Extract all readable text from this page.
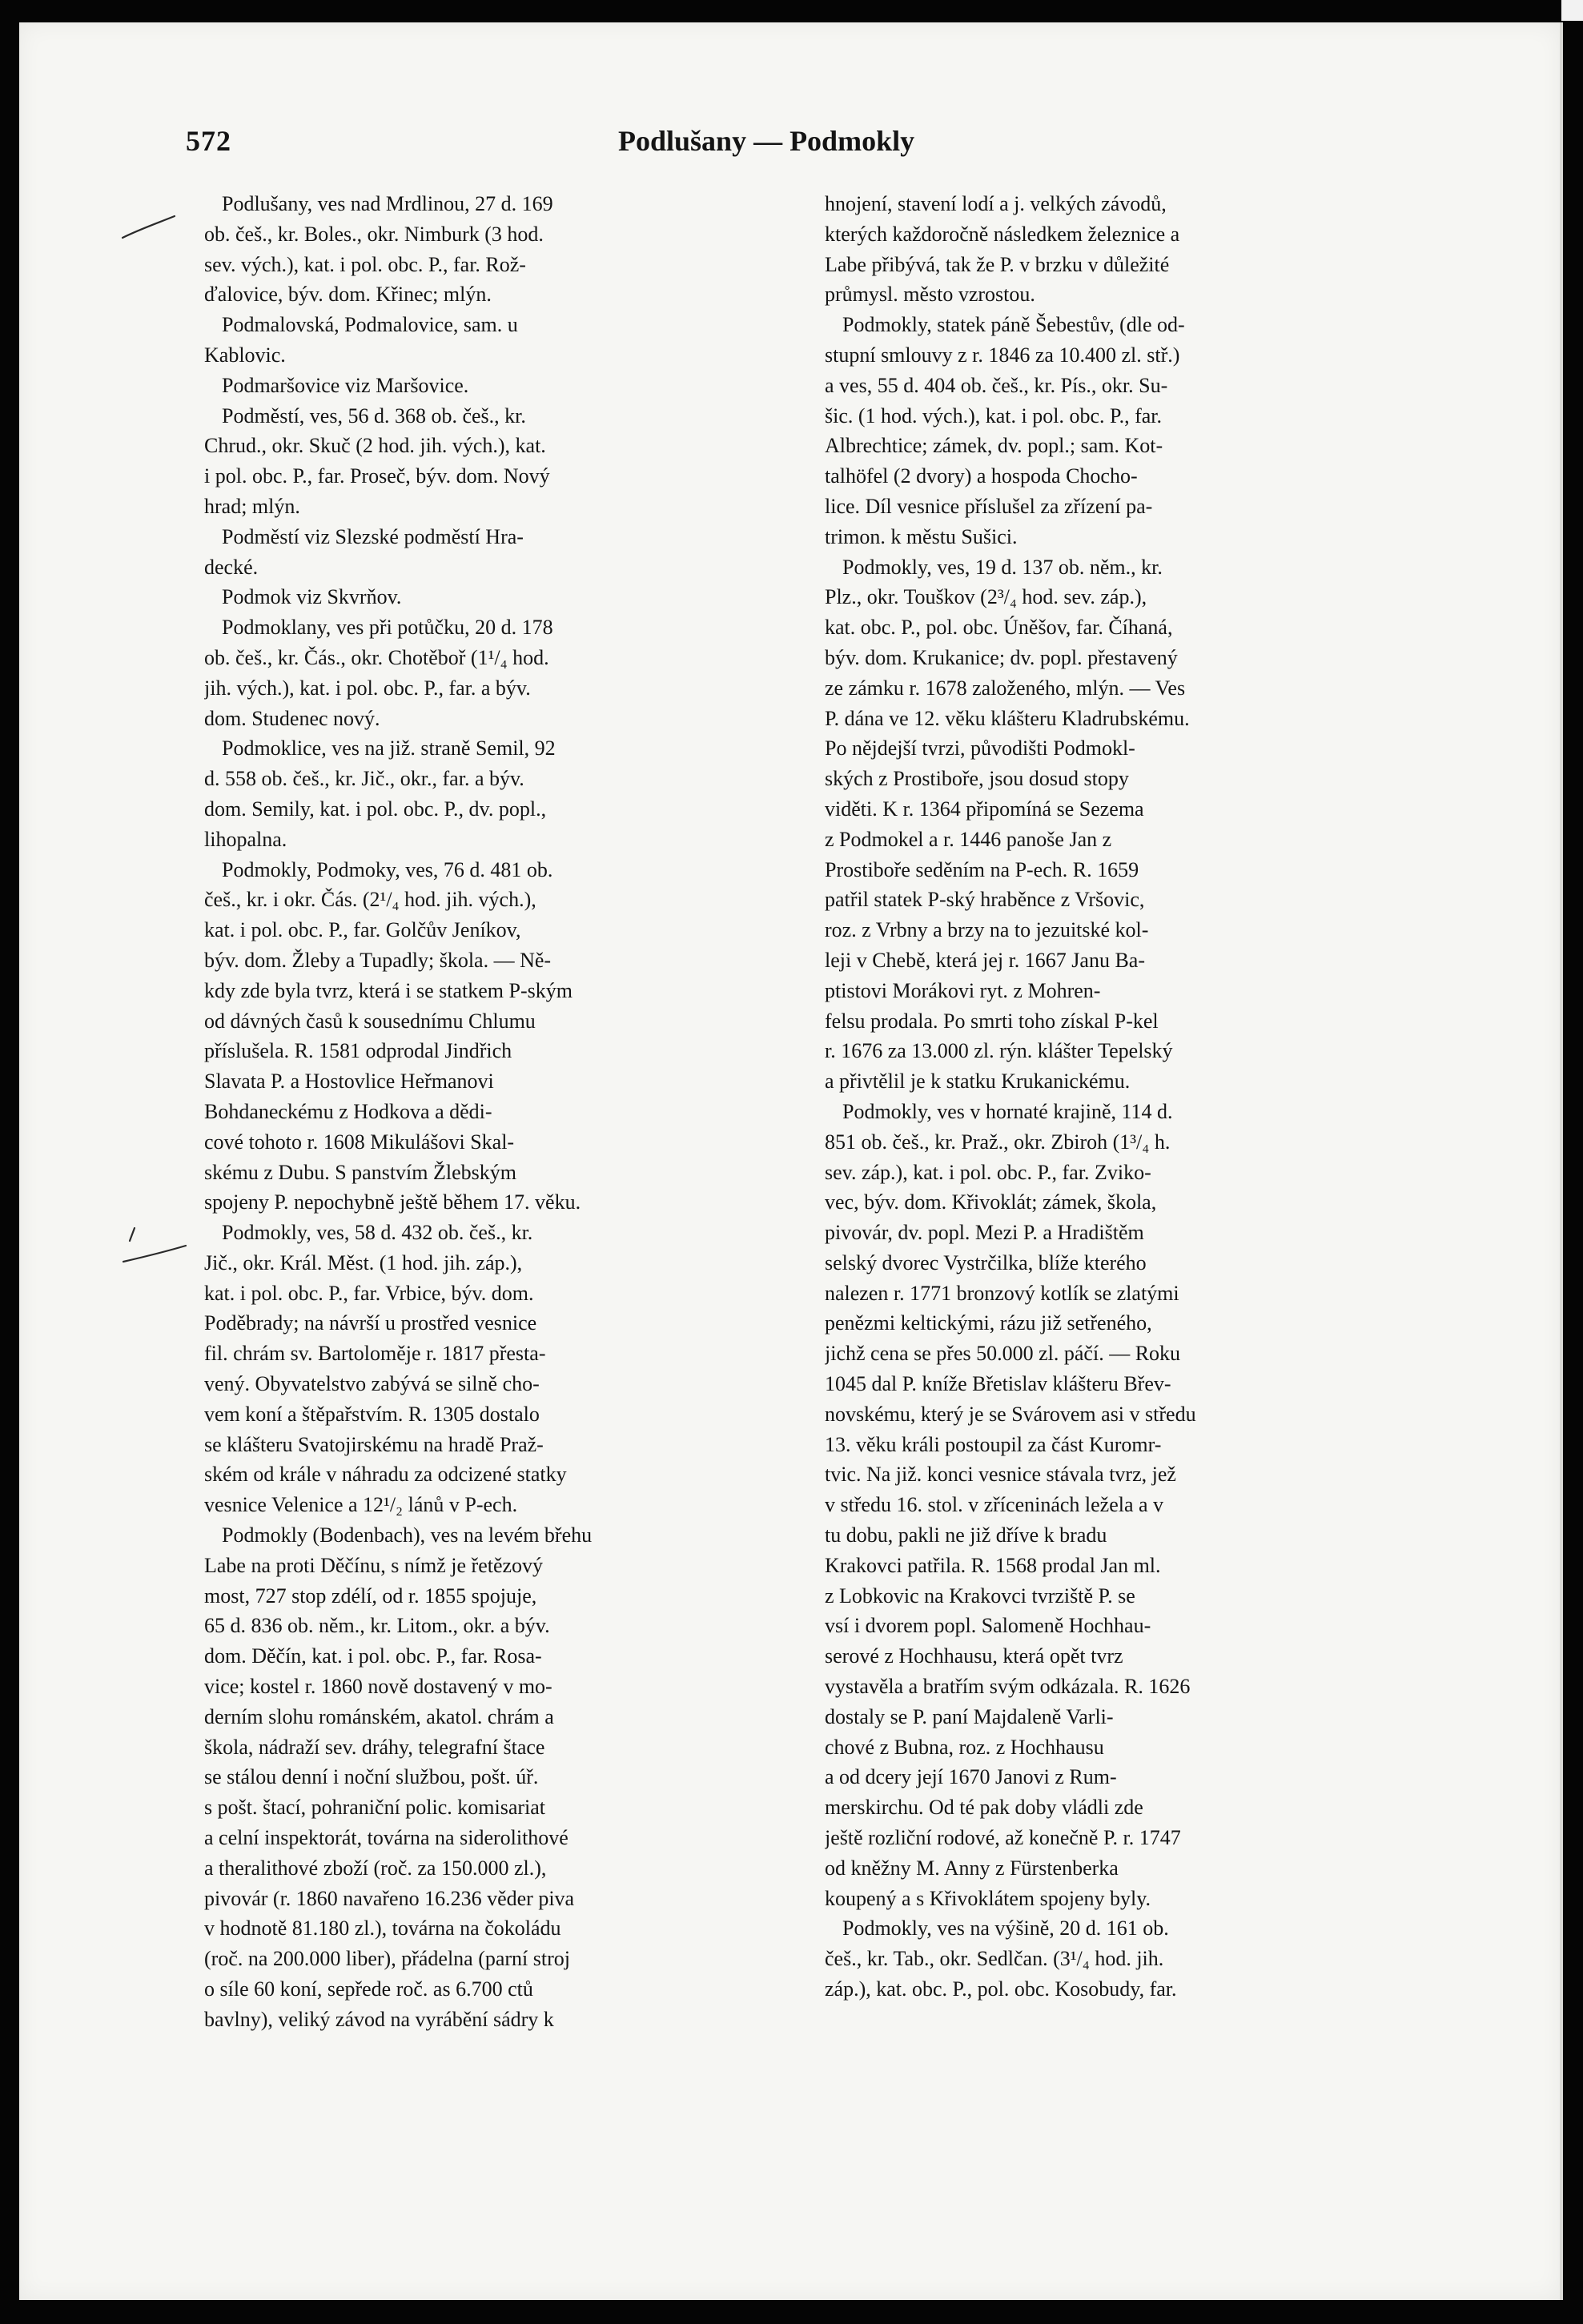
572	Podlušany — Podmokly
Podlušany, ves nad Mrdlinou, 27 d. 169
ob. češ., kr. Boles., okr. Nimburk (3 hod.
sev. vých.), kat. i pol. obc. P., far. Rož-
ďalovice, býv. dom. Křinec; mlýn.
Podmalovská, Podmalovice, sam. u
Kablovic.
Podmaršovice viz Maršovice.
Podměstí, ves, 56 d. 368 ob. češ., kr.
Chrud., okr. Skuč (2 hod. jih. vých.), kat.
i pol. obc. P., far. Proseč, býv. dom. Nový
hrad; mlýn.
Podměstí viz Slezské podměstí Hra-
decké.
Podmok viz Skvrňov.
Podmoklany, ves při potůčku, 20 d. 178
ob. češ., kr. Čás., okr. Chotěboř (1¹/₄ hod.
jih. vých.), kat. i pol. obc. P., far. a býv.
dom. Studenec nový.
Podmoklice, ves na již. straně Semil, 92
d. 558 ob. češ., kr. Jič., okr., far. a býv.
dom. Semily, kat. i pol. obc. P., dv. popl.,
lihopalna.
Podmokly, Podmoky, ves, 76 d. 481 ob.
češ., kr. i okr. Čás. (2¹/₄ hod. jih. vých.),
kat. i pol. obc. P., far. Golčův Jeníkov,
býv. dom. Žleby a Tupadly; škola. — Ně-
kdy zde byla tvrz, která i se statkem P-ským
od dávných časů k sousednímu Chlumu
příslušela. R. 1581 odprodal Jindřich
Slavata P. a Hostovlice Heřmanovi
Bohdaneckému z Hodkova a dědi-
cové tohoto r. 1608 Mikulášovi Skal-
skému z Dubu. S panstvím Žlebským
spojeny P. nepochybně ještě během 17. věku.
Podmokly, ves, 58 d. 432 ob. češ., kr.
Jič., okr. Král. Měst. (1 hod. jih. záp.),
kat. i pol. obc. P., far. Vrbice, býv. dom.
Poděbrady; na návrší u prostřed vesnice
fil. chrám sv. Bartoloměje r. 1817 přesta-
vený. Obyvatelstvo zabývá se silně cho-
vem koní a štěpařstvím. R. 1305 dostalo
se klášteru Svatojirskému na hradě Praž-
ském od krále v náhradu za odcizené statky
vesnice Velenice a 12¹/₂ lánů v P-ech.
Podmokly (Bodenbach), ves na levém břehu
Labe na proti Děčínu, s nímž je řetězový
most, 727 stop zdélí, od r. 1855 spojuje,
65 d. 836 ob. něm., kr. Litom., okr. a býv.
dom. Děčín, kat. i pol. obc. P., far. Rosa-
vice; kostel r. 1860 nově dostavený v mo-
derním slohu románském, akatol. chrám a
škola, nádraží sev. dráhy, telegrafní štace
se stálou denní i noční službou, pošt. úř.
s pošt. štací, pohraniční polic. komisariat
a celní inspektorát, továrna na siderolithové
a theralithové zboží (roč. za 150.000 zl.),
pivovár (r. 1860 navařeno 16.236 věder piva
v hodnotě 81.180 zl.), továrna na čokoládu
(roč. na 200.000 liber), přádelna (parní stroj
o síle 60 koní, sepřede roč. as 6.700 ctů
bavlny), veliký závod na vyrábění sádry k
hnojení, stavení lodí a j. velkých závodů,
kterých každoročně následkem železnice a
Labe přibývá, tak že P. v brzku v důležité
průmysl. město vzrostou.
Podmokly, statek páně Šebestův, (dle od-
stupní smlouvy z r. 1846 za 10.400 zl. stř.)
a ves, 55 d. 404 ob. češ., kr. Pís., okr. Su-
šic. (1 hod. vých.), kat. i pol. obc. P., far.
Albrechtice; zámek, dv. popl.; sam. Kot-
talhöfel (2 dvory) a hospoda Chocho-
lice. Díl vesnice příslušel za zřízení pa-
trimon. k městu Sušici.
Podmokly, ves, 19 d. 137 ob. něm., kr.
Plz., okr. Touškov (2³/₄ hod. sev. záp.),
kat. obc. P., pol. obc. Úněšov, far. Číhaná,
býv. dom. Krukanice; dv. popl. přestavený
ze zámku r. 1678 založeného, mlýn. — Ves
P. dána ve 12. věku klášteru Kladrubskému.
Po nějdejší tvrzi, původišti Podmokl-
ských z Prostiboře, jsou dosud stopy
viděti. K r. 1364 připomíná se Sezema
z Podmokel a r. 1446 panoše Jan z
Prostiboře seděním na P-ech. R. 1659
patřil statek P-ský hraběnce z Vršovic,
roz. z Vrbny a brzy na to jezuitské kol-
leji v Chebě, která jej r. 1667 Janu Ba-
ptistovi Morákovi ryt. z Mohren-
felsu prodala. Po smrti toho získal P-kel
r. 1676 za 13.000 zl. rýn. klášter Tepelský
a přivtělil je k statku Krukanickému.
Podmokly, ves v hornaté krajině, 114 d.
851 ob. češ., kr. Praž., okr. Zbiroh (1³/₄ h.
sev. záp.), kat. i pol. obc. P., far. Zviko-
vec, býv. dom. Křivoklát; zámek, škola,
pivovár, dv. popl. Mezi P. a Hradištěm
selský dvorec Vystrčilka, blíže kterého
nalezen r. 1771 bronzový kotlík se zlatými
penězmi keltickými, rázu již setřeného,
jichž cena se přes 50.000 zl. páčí. — Roku
1045 dal P. kníže Břetislav klášteru Břev-
novskému, který je se Svárovem asi v středu
13. věku králi postoupil za část Kuromr-
tvic. Na již. konci vesnice stávala tvrz, jež
v středu 16. stol. v zříceninách ležela a v
tu dobu, pakli ne již dříve k bradu
Krakovci patřila. R. 1568 prodal Jan ml.
z Lobkovic na Krakovci tvrziště P. se
vsí i dvorem popl. Salomeně Hochhau-
serové z Hochhausu, která opět tvrz
vystavěla a bratřím svým odkázala. R. 1626
dostaly se P. paní Majdaleně Varli-
chové z Bubna, roz. z Hochhausu
a od dcery její 1670 Janovi z Rum-
merskirchu. Od té pak doby vládli zde
ještě rozliční rodové, až konečně P. r. 1747
od kněžny M. Anny z Fürstenberka
koupený a s Křivoklátem spojeny byly.
Podmokly, ves na výšině, 20 d. 161 ob.
češ., kr. Tab., okr. Sedlčan. (3¹/₄ hod. jih.
záp.), kat. obc. P., pol. obc. Kosobudy, far.
